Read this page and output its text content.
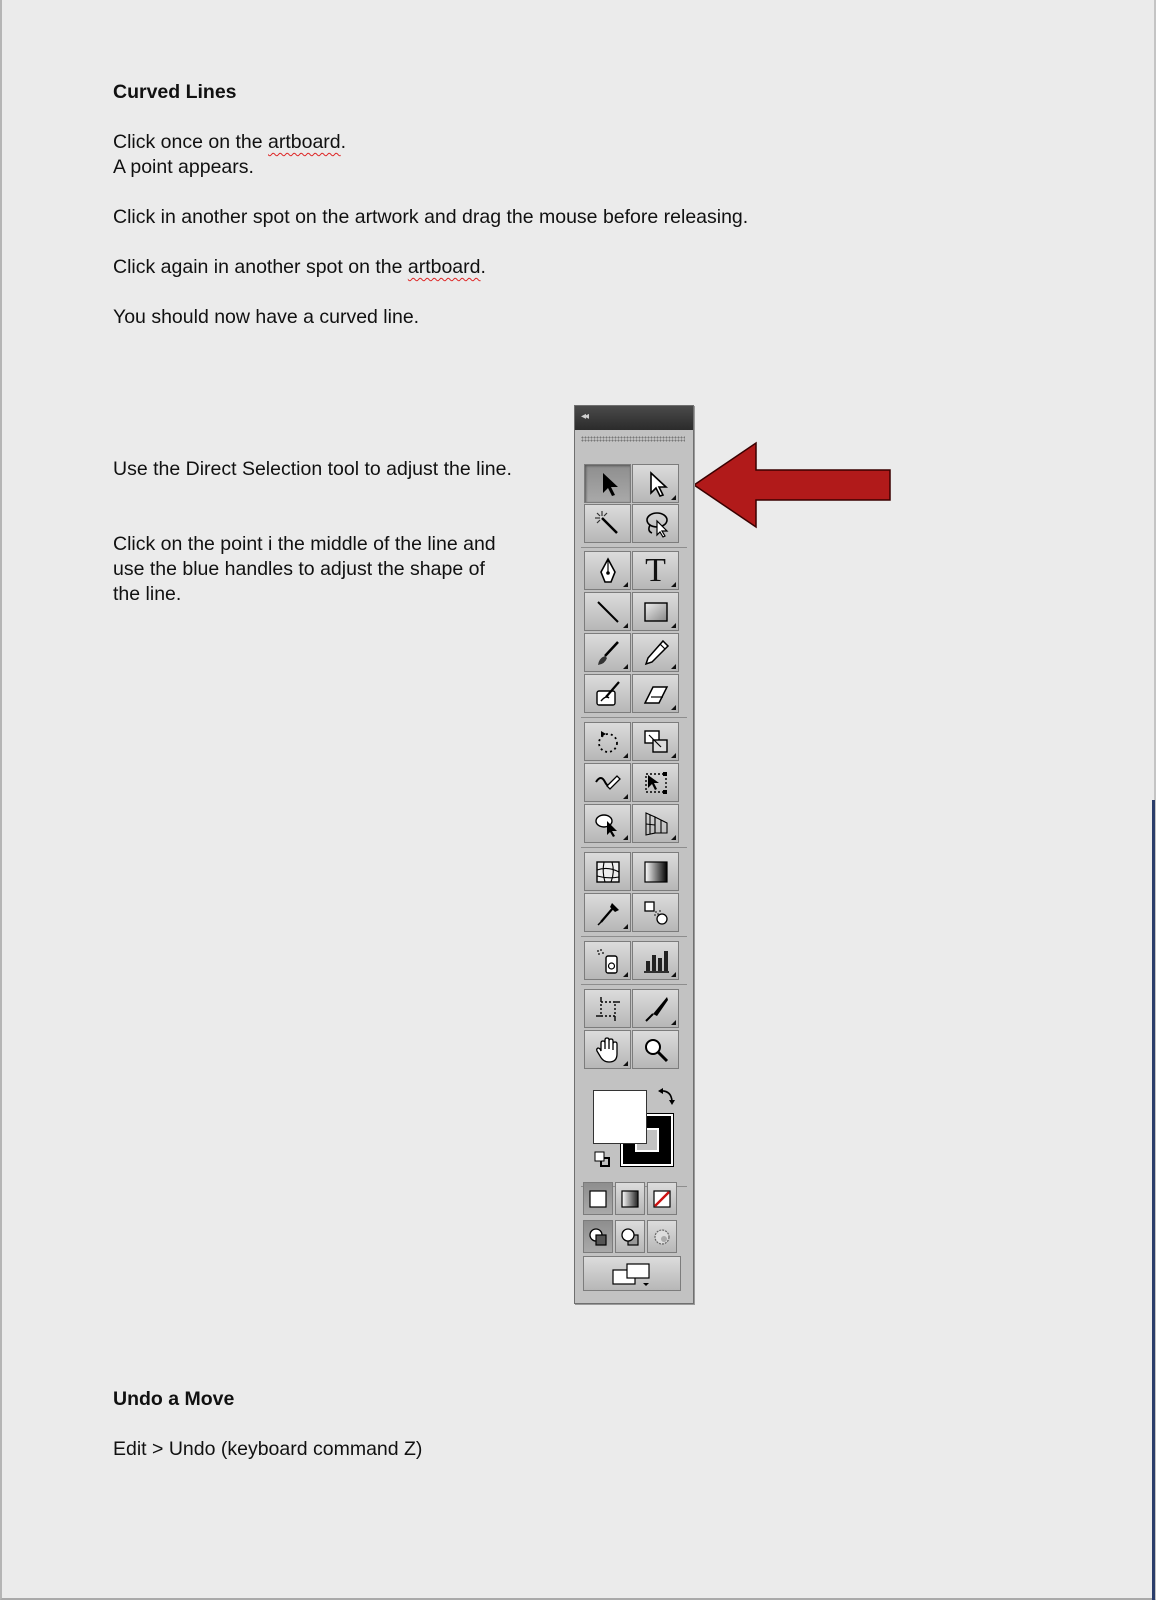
Curved Lines
Click once on the artboard.
A point appears.
Click in another spot on the artwork and drag the mouse before releasing.
Click again in another spot on the artboard.
You should now have a curved line.
Use the Direct Selection tool to adjust the line.
Click on the point i the middle of the line and
use the blue handles to adjust the shape of
the line.
Undo a Move
Edit > Undo (keyboard command Z)
◂◂
T
